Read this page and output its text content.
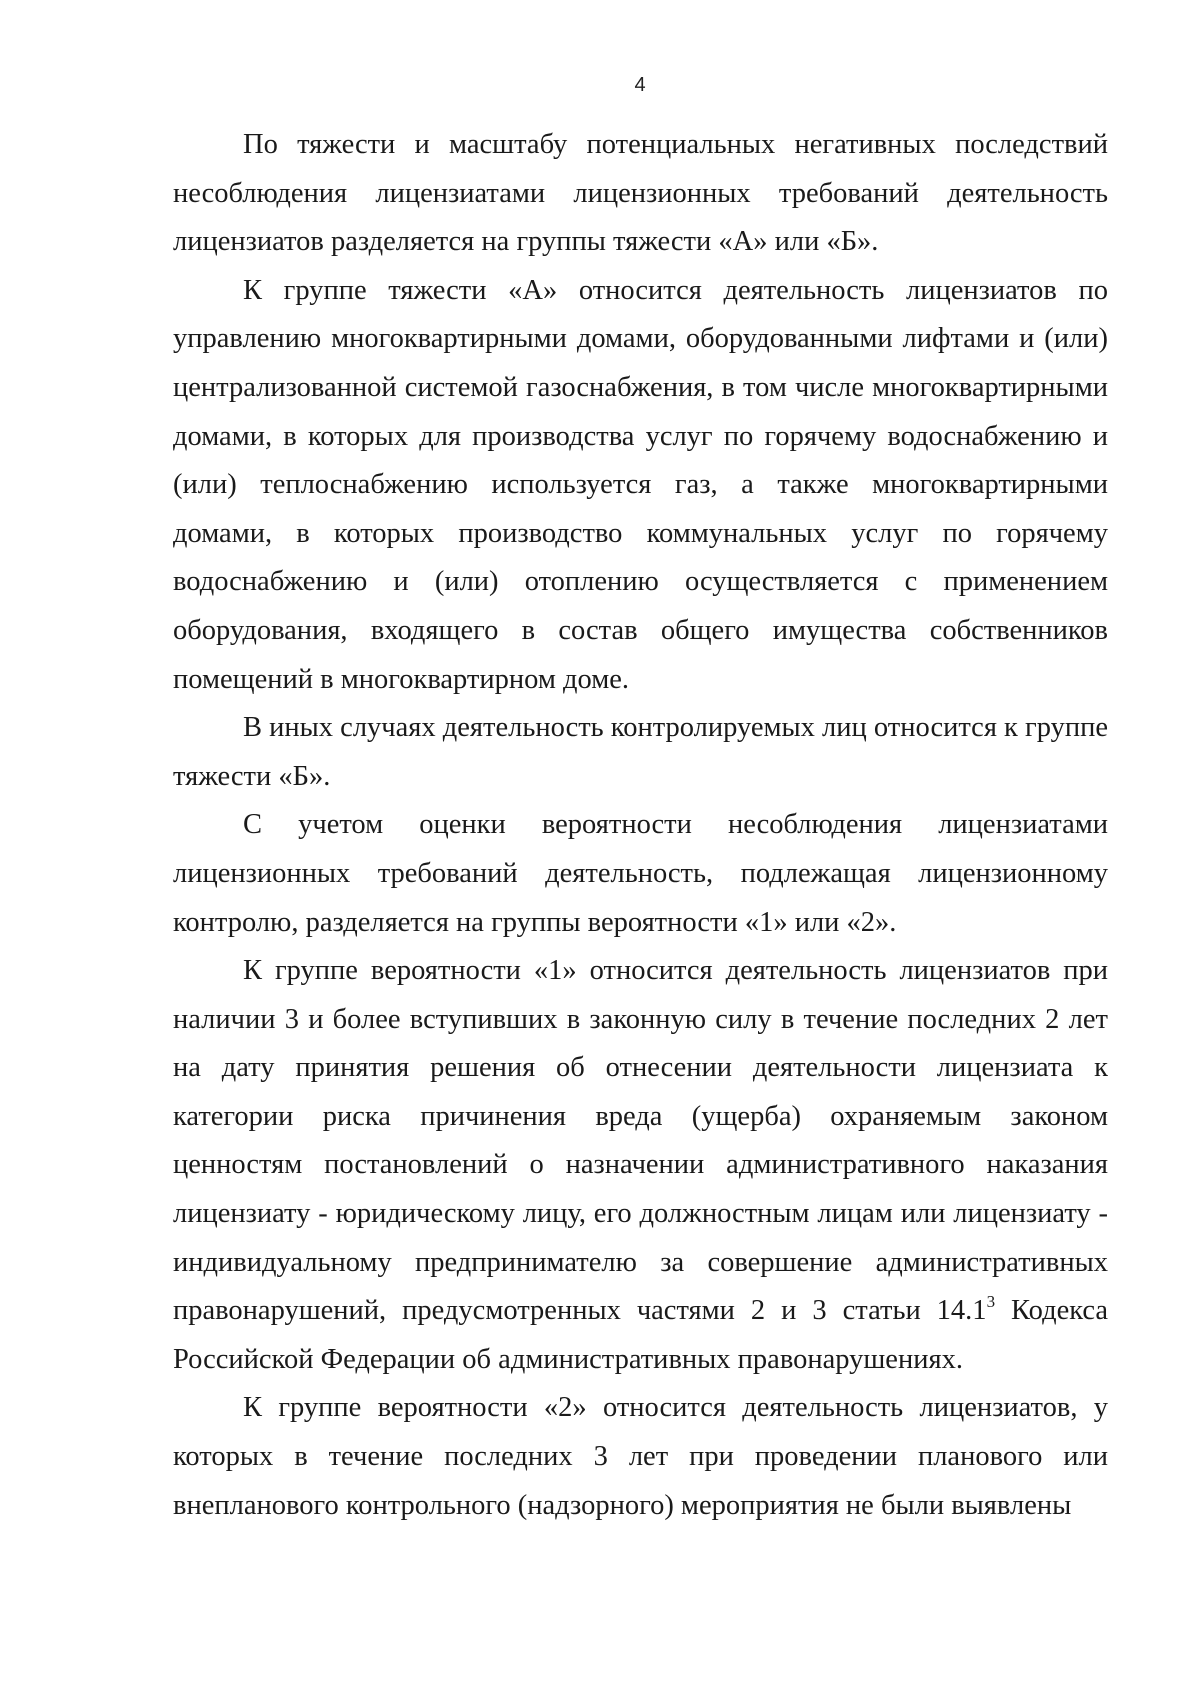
4

По тяжести и масштабу потенциальных негативных последствий несоблюдения лицензиатами лицензионных требований деятельность лицензиатов разделяется на группы тяжести «А» или «Б».

К группе тяжести «А» относится деятельность лицензиатов по управлению многоквартирными домами, оборудованными лифтами и (или) централизованной системой газоснабжения, в том числе многоквартирными домами, в которых для производства услуг по горячему водоснабжению и (или) теплоснабжению используется газ, а также многоквартирными домами, в которых производство коммунальных услуг по горячему водоснабжению и (или) отоплению осуществляется с применением оборудования, входящего в состав общего имущества собственников помещений в многоквартирном доме.

В иных случаях деятельность контролируемых лиц относится к группе тяжести «Б».

С учетом оценки вероятности несоблюдения лицензиатами лицензионных требований деятельность, подлежащая лицензионному контролю, разделяется на группы вероятности «1» или «2».

К группе вероятности «1» относится деятельность лицензиатов при наличии 3 и более вступивших в законную силу в течение последних 2 лет на дату принятия решения об отнесении деятельности лицензиата к категории риска причинения вреда (ущерба) охраняемым законом ценностям постановлений о назначении административного наказания лицензиату - юридическому лицу, его должностным лицам или лицензиату - индивидуальному предпринимателю за совершение административных правонарушений, предусмотренных частями 2 и 3 статьи 14.1$^3$ Кодекса Российской Федерации об административных правонарушениях.

К группе вероятности «2» относится деятельность лицензиатов, у которых в течение последних 3 лет при проведении планового или внепланового контрольного (надзорного) мероприятия не были выявлены
